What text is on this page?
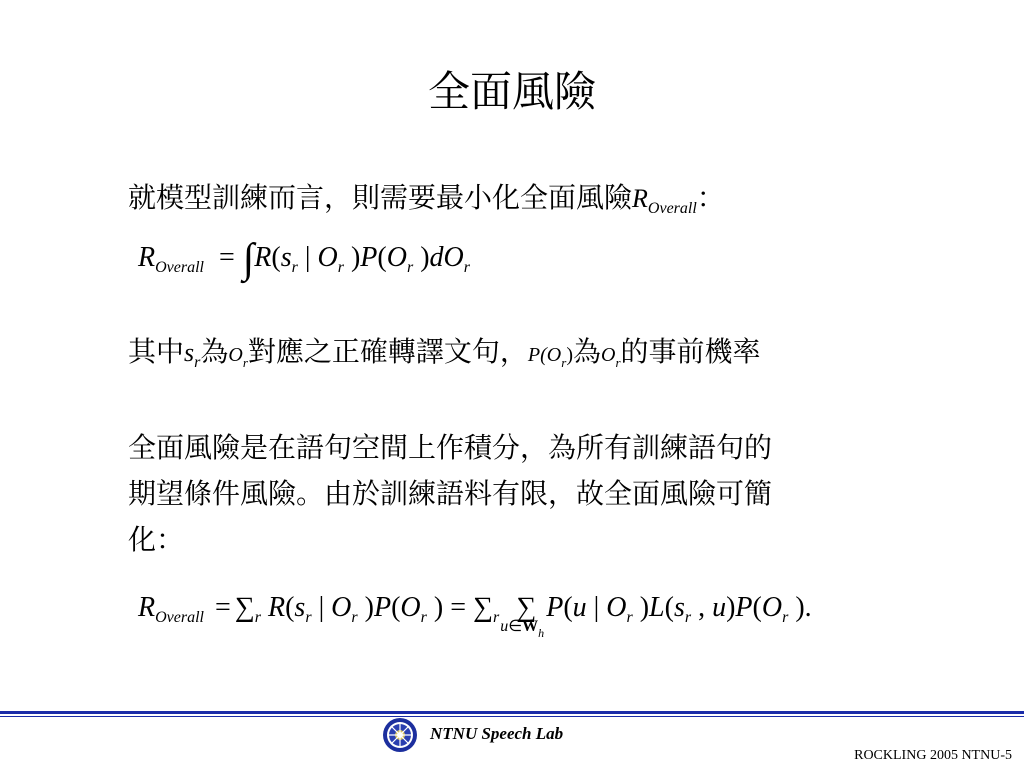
全面風險
就模型訓練而言，則需要最小化全面風險$R_{Overall}$：
$R_{Overall} = \int R(s_r$ | $O_r$ )$P(O_r$ )$dO_r$
其中$s_r$為$O_r$對應之正確轉譯文句，$P(O_r)$為$O_r$的事前機率
全面風險是在語句空間上作積分，為所有訓練語句的
期望條件風險。由於訓練語料有限，故全面風險可簡
化：
$R_{Overall} = \sum_r$ $R(s_r$ | $O_r$ )$P(O_r$ ) = $\sum_r$ ∑
$u\in W_h$
P(u | $O_r$ )$L(s_r$ , $u)P(O_r$ ).
NTNU Speech Lab
ROCKLING 2005 NTNU-5
